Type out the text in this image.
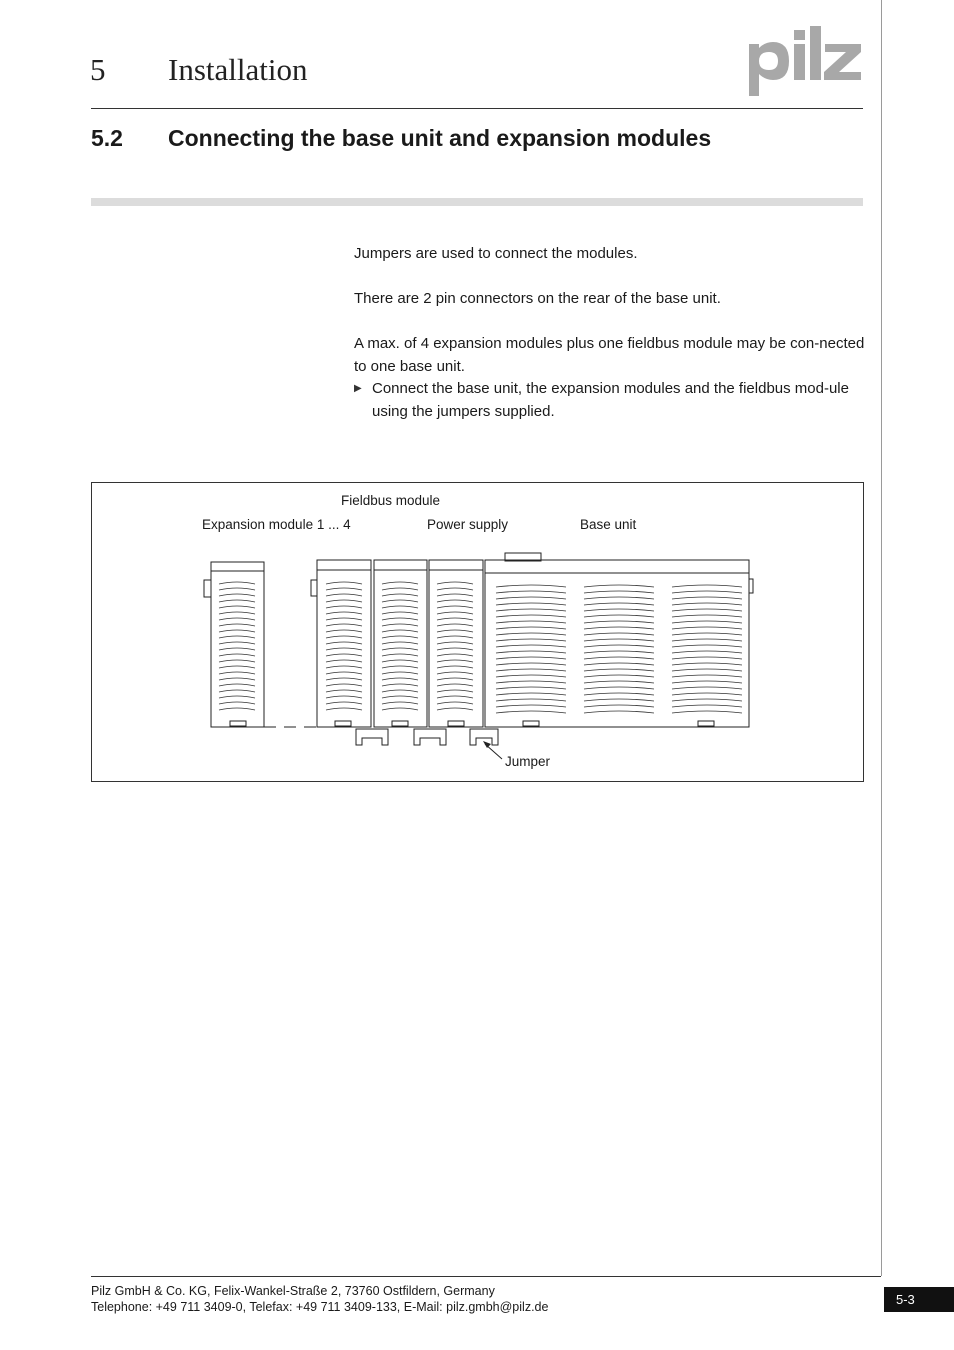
5 Installation
5.2 Connecting the base unit and expansion modules

Jumpers are used to connect the modules.

There are 2 pin connectors on the rear of the base unit.

A max. of 4 expansion modules plus one fieldbus module may be con-nected to one base unit.

▶ Connect the base unit, the expansion modules and the fieldbus mod-ule using the jumpers supplied.
Fieldbus module
Expansion module 1 ... 4	Power supply	Base unit
Jumper
Pilz GmbH & Co. KG, Felix-Wankel-Straße 2, 73760 Ostfildern, Germany
Telephone: +49 711 3409-0, Telefax: +49 711 3409-133, E-Mail: pilz.gmbh@pilz.de	5-3
